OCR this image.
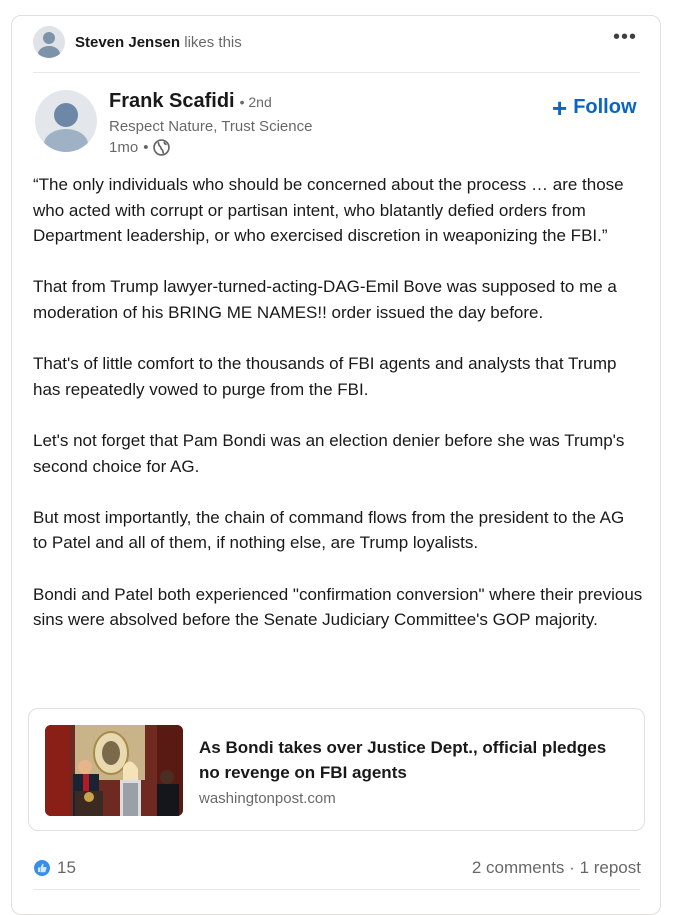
Steven Jensen likes this	•••
Frank Scafidi • 2nd
Respect Nature, Trust Science
1mo •
+ Follow

“The only individuals who should be concerned about the process … are those who acted with corrupt or partisan intent, who blatantly defied orders from Department leadership, or who exercised discretion in weaponizing the FBI.”

That from Trump lawyer-turned-acting-DAG-Emil Bove was supposed to me a moderation of his BRING ME NAMES!! order issued the day before.

That's of little comfort to the thousands of FBI agents and analysts that Trump has repeatedly vowed to purge from the FBI.

Let's not forget that Pam Bondi was an election denier before she was Trump's second choice for AG.

But most importantly, the chain of command flows from the president to the AG to Patel and all of them, if nothing else, are Trump loyalists.

Bondi and Patel both experienced "confirmation conversion" where their previous sins were absolved before the Senate Judiciary Committee's GOP majority.

As Bondi takes over Justice Dept., official pledges no revenge on FBI agents
washingtonpost.com
15	2 comments · 1 repost
